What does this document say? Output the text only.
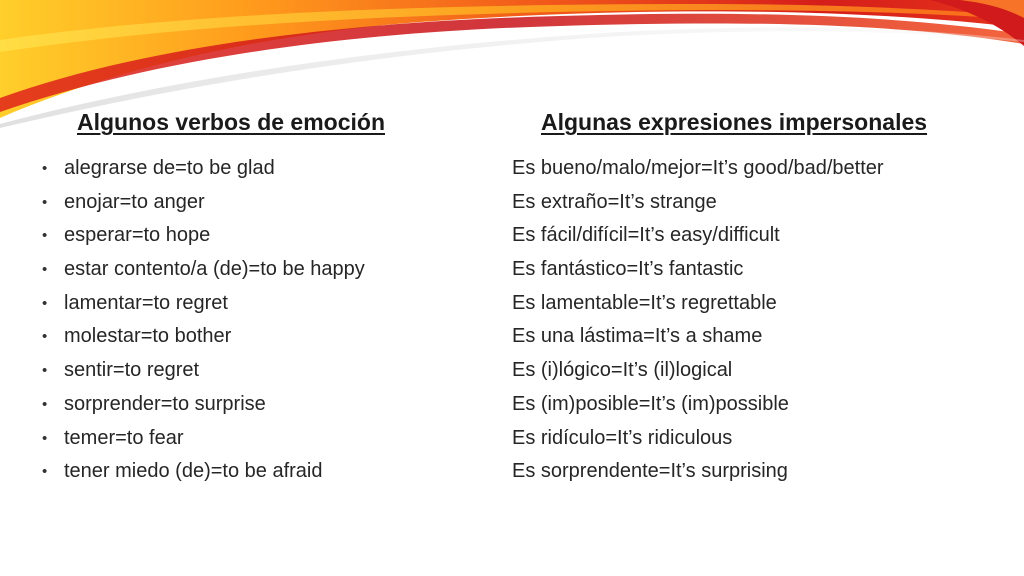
Algunos verbos de emoción
• alegrarse de=to be glad
• enojar=to anger
• esperar=to hope
• estar contento/a (de)=to be happy
• lamentar=to regret
• molestar=to bother
• sentir=to regret
• sorprender=to surprise
• temer=to fear
• tener miedo (de)=to be afraid
Algunas expresiones impersonales
Es bueno/malo/mejor=It’s good/bad/better
Es extraño=It’s strange
Es fácil/difícil=It’s easy/difficult
Es fantástico=It’s fantastic
Es lamentable=It’s regrettable
Es una lástima=It’s a shame
Es (i)lógico=It’s (il)logical
Es (im)posible=It’s (im)possible
Es ridículo=It’s ridiculous
Es sorprendente=It’s surprising
